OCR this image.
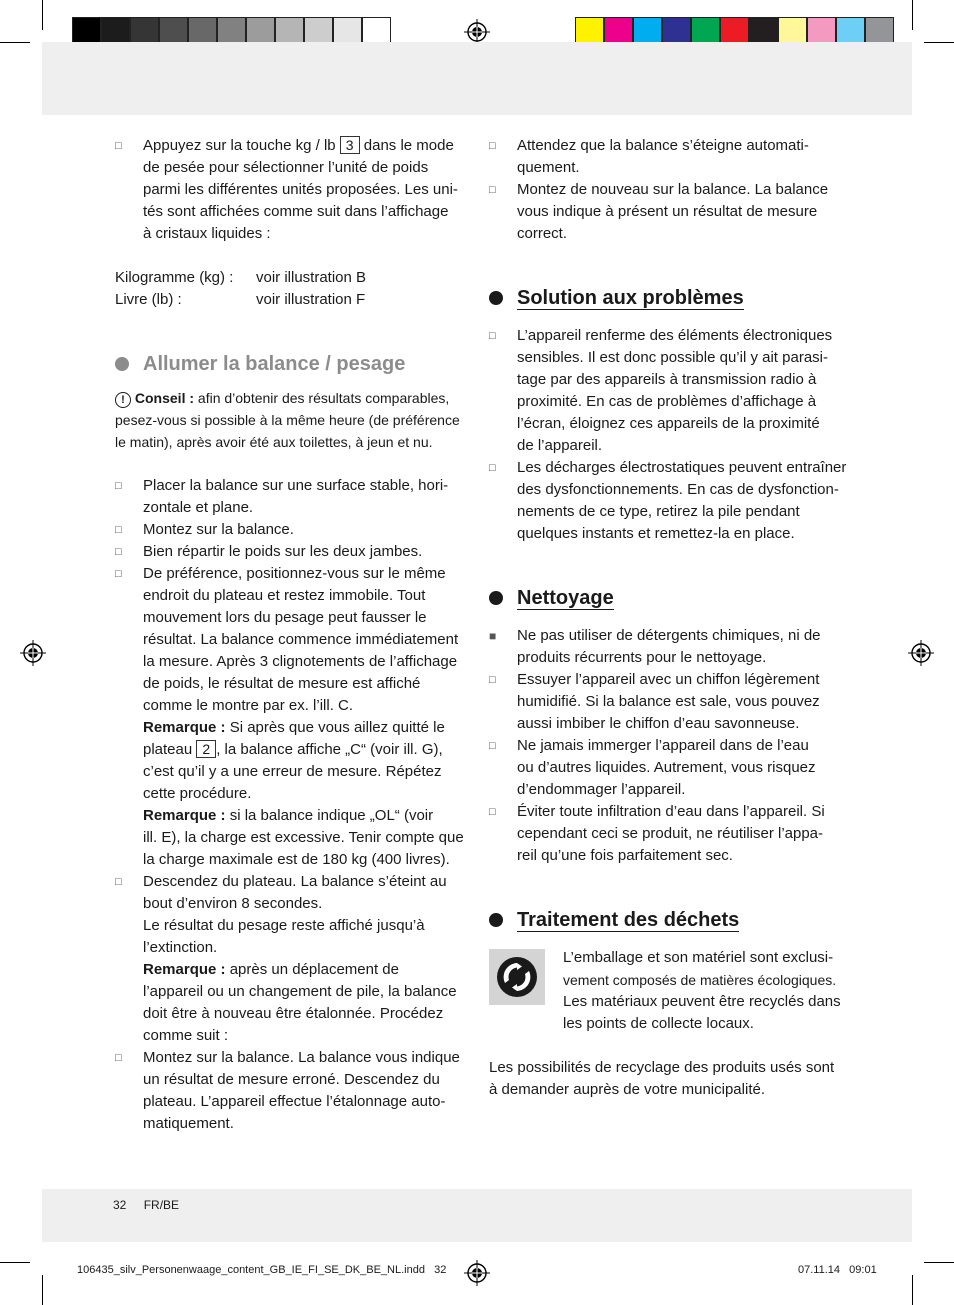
□	Appuyez sur la touche kg / lb 3 dans le mode

de pesée pour sélectionner l’unité de poids

parmi les différentes unités proposées. Les uni-

tés sont affichées comme suit dans l’affichage

à cristaux liquides :

Kilogramme (kg) :	voir illustration B
Livre (lb) :	voir illustration F
Allumer la balance / pesage

! Conseil : afin d’obtenir des résultats comparables,

pesez-vous si possible à la même heure (de préférence

le matin), après avoir été aux toilettes, à jeun et nu.

□	Placer la balance sur une surface stable, hori-

zontale et plane.

□	Montez sur la balance.

□	Bien répartir le poids sur les deux jambes.

□	De préférence, positionnez-vous sur le même

endroit du plateau et restez immobile. Tout

mouvement lors du pesage peut fausser le

résultat. La balance commence immédiatement

la mesure. Après 3 clignotements de l’affichage

de poids, le résultat de mesure est affiché

comme le montre par ex. l’ill. C.

Remarque : Si après que vous aillez quitté le

plateau 2 , la balance affiche „C“ (voir ill. G),

c’est qu’il y a une erreur de mesure. Répétez

cette procédure.

Remarque : si la balance indique „OL“ (voir

ill. E), la charge est excessive. Tenir compte que

la charge maximale est de 180 kg (400 livres).

□	Descendez du plateau. La balance s’éteint au

bout d’environ 8 secondes.

Le résultat du pesage reste affiché jusqu’à

l’extinction.

Remarque : après un déplacement de

l’appareil ou un changement de pile, la balance

doit être à nouveau être étalonnée. Procédez

comme suit :

□	Montez sur la balance. La balance vous indique

un résultat de mesure erroné. Descendez du

plateau. L’appareil effectue l’étalonnage auto-

matiquement.

□	Attendez que la balance s’éteigne automati-

quement.

□	Montez de nouveau sur la balance. La balance

vous indique à présent un résultat de mesure

correct.

Solution aux problèmes
□	L’appareil renferme des éléments électroniques

sensibles. Il est donc possible qu’il y ait parasi-

tage par des appareils à transmission radio à

proximité. En cas de problèmes d’affichage à

l’écran, éloignez ces appareils de la proximité

de l’appareil.

□	Les décharges électrostatiques peuvent entraîner

des dysfonctionnements. En cas de dysfonction-

nements de ce type, retirez la pile pendant

quelques instants et remettez-la en place.

Nettoyage
■	Ne pas utiliser de détergents chimiques, ni de

produits récurrents pour le nettoyage.

□	Essuyer l’appareil avec un chiffon légèrement

humidifié. Si la balance est sale, vous pouvez

aussi imbiber le chiffon d’eau savonneuse.

□	Ne jamais immerger l’appareil dans de l’eau

ou d’autres liquides. Autrement, vous risquez

d’endommager l’appareil.

□	Éviter toute infiltration d’eau dans l’appareil. Si

cependant ceci se produit, ne réutiliser l’appa-

reil qu’une fois parfaitement sec.

Traitement des déchets

L’emballage et son matériel sont exclusi-

vement composés de matières écologiques.

Les matériaux peuvent être recyclés dans

les points de collecte locaux.

Les possibilités de recyclage des produits usés sont

à demander auprès de votre municipalité.

32 FR/BE
106435_silv_Personenwaage_content_GB_IE_FI_SE_DK_BE_NL.indd   32	07.11.14   09:01
